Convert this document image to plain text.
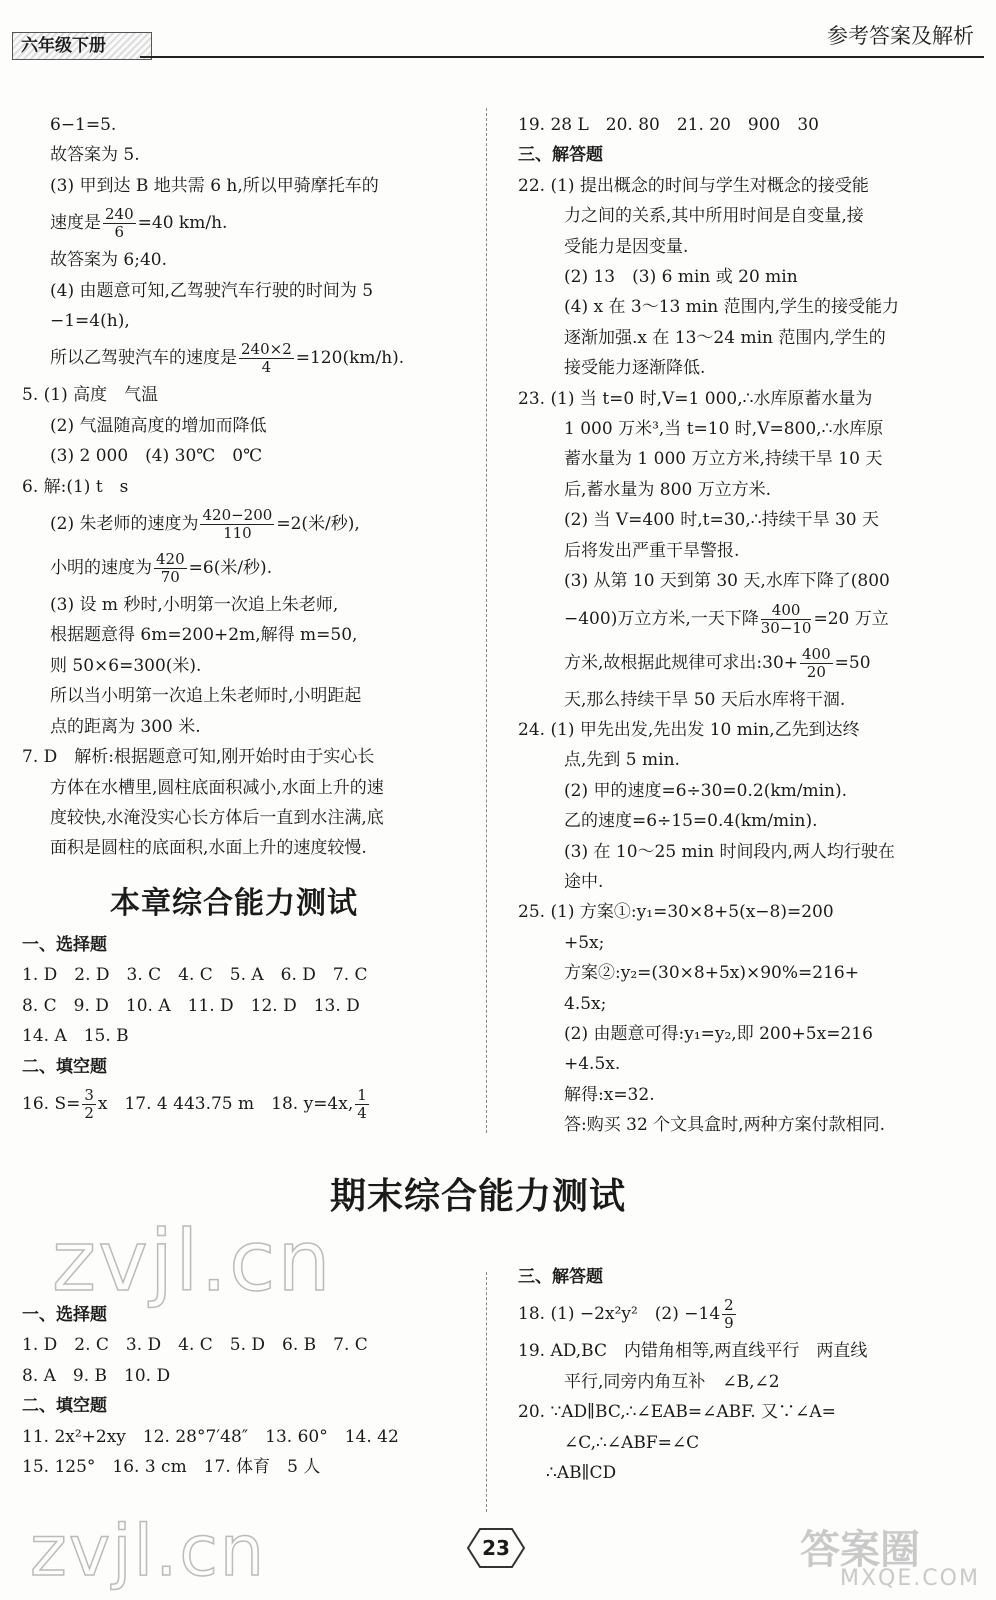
六年级下册	参考答案及解析

6−1=5.

故答案为 5.

(3) 甲到达 B 地共需 6 h,所以甲骑摩托车的

速度是 $\frac{240}{6} =40$ km/h.

故答案为 6;40.

(4) 由题意可知,乙驾驶汽车行驶的时间为 5

−1=4(h),

所以乙驾驶汽车的速度是 $\frac{240\times 2}{4} =120(km/h)$.

5. (1) 高度　气温

(2) 气温随高度的增加而降低

(3) 2 000　(4) 30℃　0℃

6. 解:(1) t　s

(2) 朱老师的速度为 $\frac{420-200}{110} =2$(米/秒),

小明的速度为 $\frac{420}{70} =6$(米/秒).

(3) 设 m 秒时,小明第一次追上朱老师,

根据题意得 6m=200+2m,解得 m=50,

则 50×6=300(米).

所以当小明第一次追上朱老师时,小明距起

点的距离为 300 米.

7. D　解析:根据题意可知,刚开始时由于实心长

方体在水槽里,圆柱底面积减小,水面上升的速

度较快,水淹没实心长方体后一直到水注满,底

面积是圆柱的底面积,水面上升的速度较慢.

本章综合能力测试

一、选择题

1. D　2. D　3. C　4. C　5. A　6. D　7. C

8. C　9. D　10. A　11. D　12. D　13. D

14. A　15. B

二、填空题

16. $S= \frac{3}{2}$ x　17. 4 443.75 m　18. y=4x, $\frac{1}{4}$

19. 28 L　20. 80　21. 20　900　30

三、解答题

22. (1) 提出概念的时间与学生对概念的接受能

力之间的关系,其中所用时间是自变量,接

受能力是因变量.

(2) 13　(3) 6 min 或 20 min

(4) x 在 3～13 min 范围内,学生的接受能力

逐渐加强.x 在 13～24 min 范围内,学生的

接受能力逐渐降低.

23. (1) 当 t=0 时,V=1 000,∴水库原蓄水量为

1 000 万米³,当 t=10 时,V=800,∴水库原

蓄水量为 1 000 万立方米,持续干旱 10 天

后,蓄水量为 800 万立方米.

(2) 当 V=400 时,t=30,∴持续干旱 30 天

后将发出严重干旱警报.

(3) 从第 10 天到第 30 天,水库下降了(800

−400)万立方米,一天下降 $\frac{400}{30-10} =20$ 万立

方米,故根据此规律可求出:30+ $\frac{400}{20} =50$

天,那么持续干旱 50 天后水库将干涸.

24. (1) 甲先出发,先出发 10 min,乙先到达终

点,先到 5 min.

(2) 甲的速度=6÷30=0.2(km/min).

乙的速度=6÷15=0.4(km/min).

(3) 在 10～25 min 时间段内,两人均行驶在

途中.

25. (1) 方案①:y₁=30×8+5(x−8)=200

+5x;

方案②:y₂=(30×8+5x)×90%=216+

4.5x;

(2) 由题意可得:y₁=y₂,即 200+5x=216

+4.5x.

解得:x=32.

答:购买 32 个文具盒时,两种方案付款相同.

期末综合能力测试
zvjl.cn
zvjl.cn

一、选择题

1. D　2. C　3. D　4. C　5. D　6. B　7. C

8. A　9. B　10. D

二、填空题

11. 2x²+2xy　12. 28°7′48″　13. 60°　14. 42

15. 125°　16. 3 cm　17. 体育　5 人

三、解答题

18. (1) −2x²y²　$(2) -14 \frac{2}{9}$

19. AD,BC　内错角相等,两直线平行　两直线

平行,同旁内角互补　∠B,∠2

20. ∵AD∥BC,∴∠EAB=∠ABF. 又∵∠A=

∠C,∴∠ABF=∠C

∴AB∥CD

23	答案圈
MXQE.COM
